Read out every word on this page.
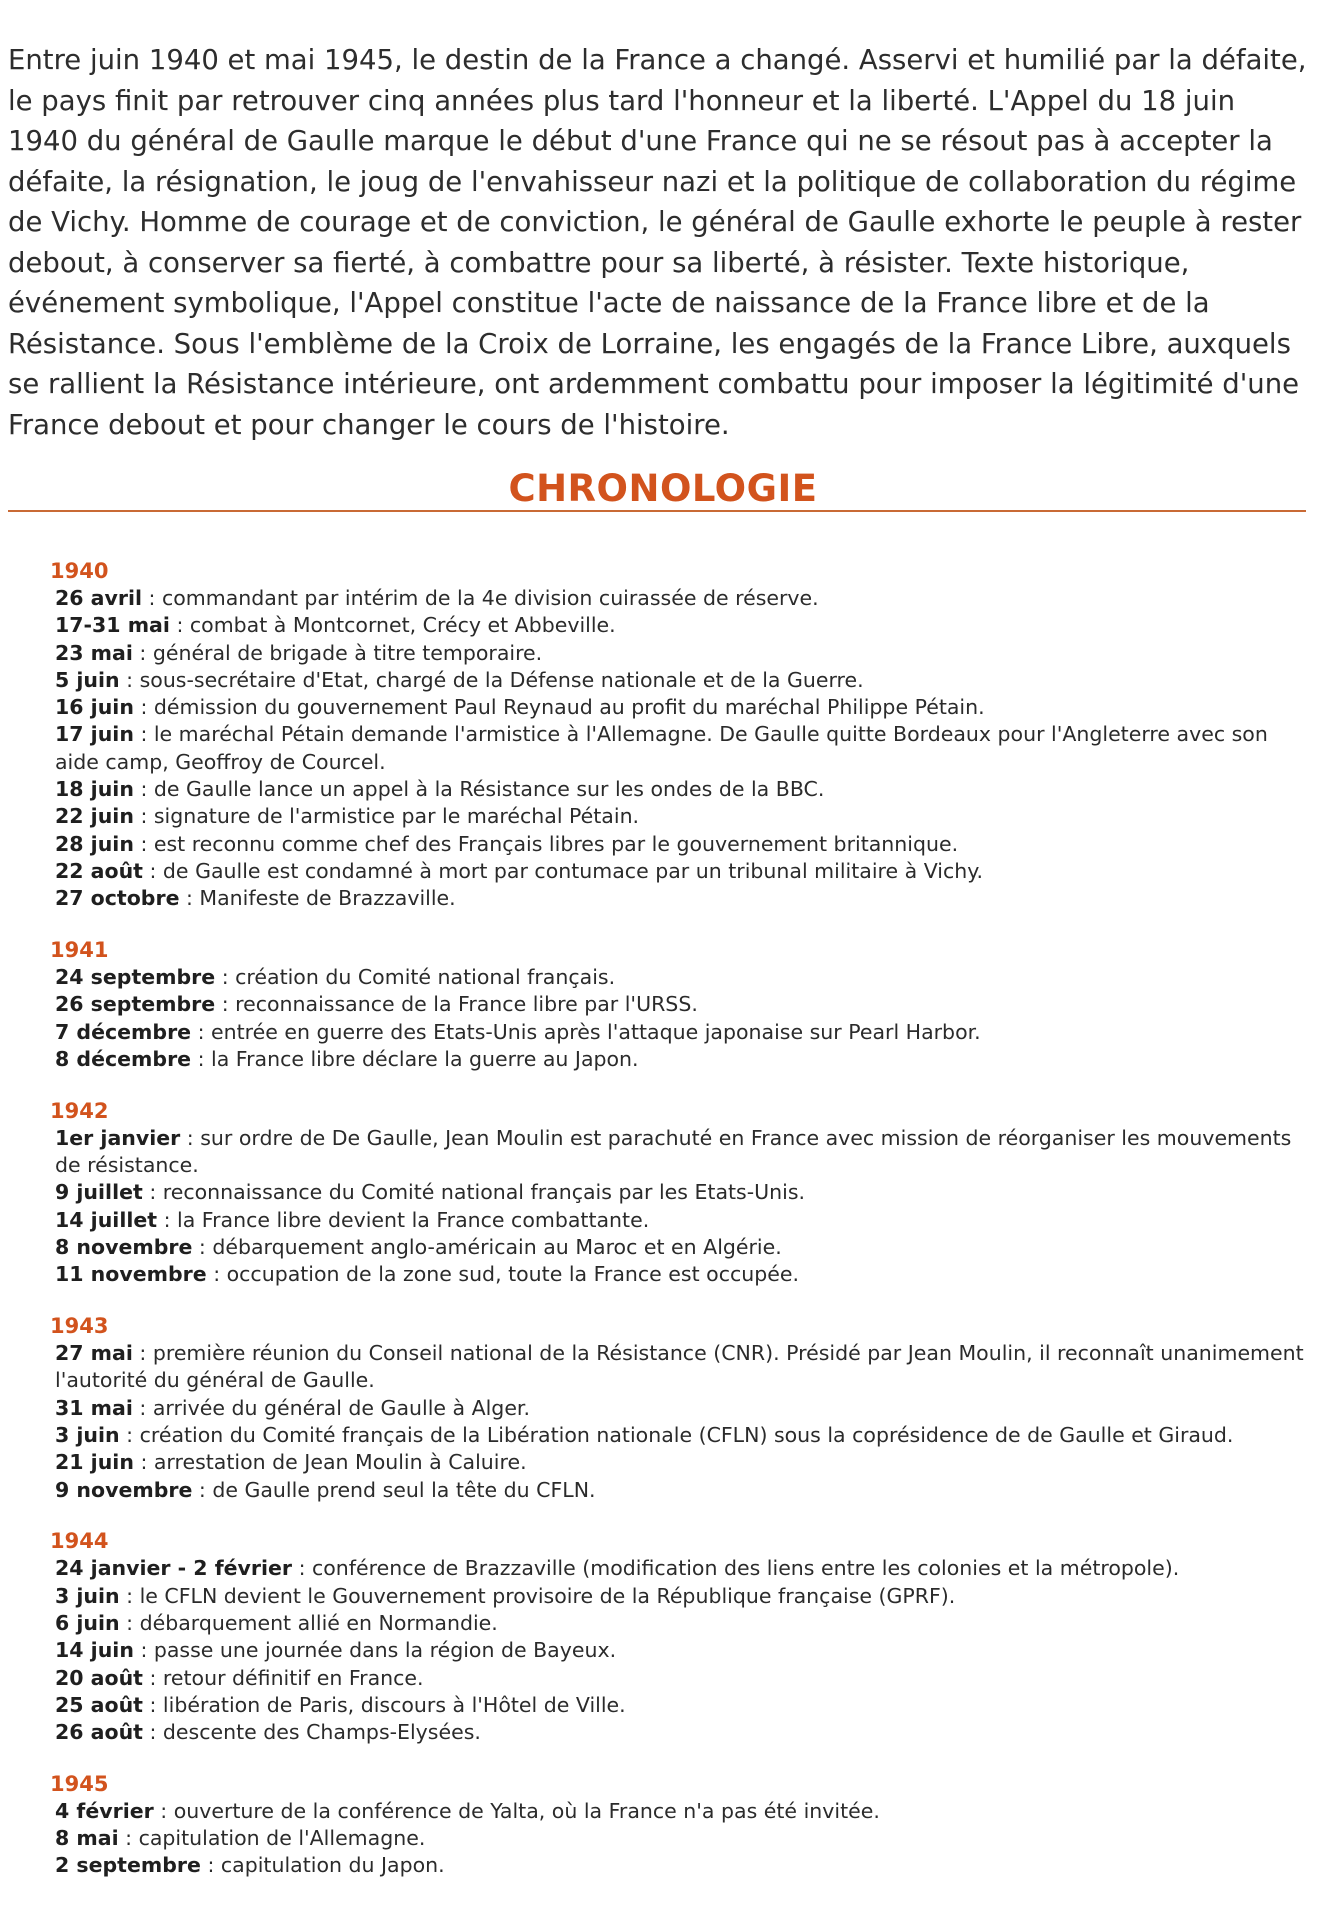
Entre juin 1940 et mai 1945, le destin de la France a changé. Asservi et humilié par la défaite, le pays finit par retrouver cinq années plus tard l'honneur et la liberté. L'Appel du 18 juin 1940 du général de Gaulle marque le début d'une France qui ne se résout pas à accepter la défaite, la résignation, le joug de l'envahisseur nazi et la politique de collaboration du régime de Vichy. Homme de courage et de conviction, le général de Gaulle exhorte le peuple à rester debout, à conserver sa fierté, à combattre pour sa liberté, à résister. Texte historique, événement symbolique, l'Appel constitue l'acte de naissance de la France libre et de la Résistance. Sous l'emblème de la Croix de Lorraine, les engagés de la France Libre, auxquels se rallient la Résistance intérieure, ont ardemment combattu pour imposer la légitimité d'une France debout et pour changer le cours de l'histoire.

CHRONOLOGIE

1940

26 avril : commandant par intérim de la 4e division cuirassée de réserve.

17-31 mai : combat à Montcornet, Crécy et Abbeville.

23 mai : général de brigade à titre temporaire.

5 juin : sous-secrétaire d'Etat, chargé de la Défense nationale et de la Guerre.

16 juin : démission du gouvernement Paul Reynaud au profit du maréchal Philippe Pétain.

17 juin : le maréchal Pétain demande l'armistice à l'Allemagne. De Gaulle quitte Bordeaux pour l'Angleterre avec son aide camp, Geoffroy de Courcel.

18 juin : de Gaulle lance un appel à la Résistance sur les ondes de la BBC.

22 juin : signature de l'armistice par le maréchal Pétain.

28 juin : est reconnu comme chef des Français libres par le gouvernement britannique.

22 août : de Gaulle est condamné à mort par contumace par un tribunal militaire à Vichy.

27 octobre : Manifeste de Brazzaville.

1941

24 septembre : création du Comité national français.

26 septembre : reconnaissance de la France libre par l'URSS.

7 décembre : entrée en guerre des Etats-Unis après l'attaque japonaise sur Pearl Harbor.

8 décembre : la France libre déclare la guerre au Japon.

1942

1er janvier : sur ordre de De Gaulle, Jean Moulin est parachuté en France avec mission de réorganiser les mouvements de résistance.

9 juillet : reconnaissance du Comité national français par les Etats-Unis.

14 juillet : la France libre devient la France combattante.

8 novembre : débarquement anglo-américain au Maroc et en Algérie.

11 novembre : occupation de la zone sud, toute la France est occupée.

1943

27 mai : première réunion du Conseil national de la Résistance (CNR). Présidé par Jean Moulin, il reconnaît unanimement l'autorité du général de Gaulle.

31 mai : arrivée du général de Gaulle à Alger.

3 juin : création du Comité français de la Libération nationale (CFLN) sous la coprésidence de de Gaulle et Giraud.

21 juin : arrestation de Jean Moulin à Caluire.

9 novembre : de Gaulle prend seul la tête du CFLN.

1944

24 janvier - 2 février : conférence de Brazzaville (modification des liens entre les colonies et la métropole).

3 juin : le CFLN devient le Gouvernement provisoire de la République française (GPRF).

6 juin : débarquement allié en Normandie.

14 juin : passe une journée dans la région de Bayeux.

20 août : retour définitif en France.

25 août : libération de Paris, discours à l'Hôtel de Ville.

26 août : descente des Champs-Elysées.

1945

4 février : ouverture de la conférence de Yalta, où la France n'a pas été invitée.

8 mai : capitulation de l'Allemagne.

2 septembre : capitulation du Japon.
